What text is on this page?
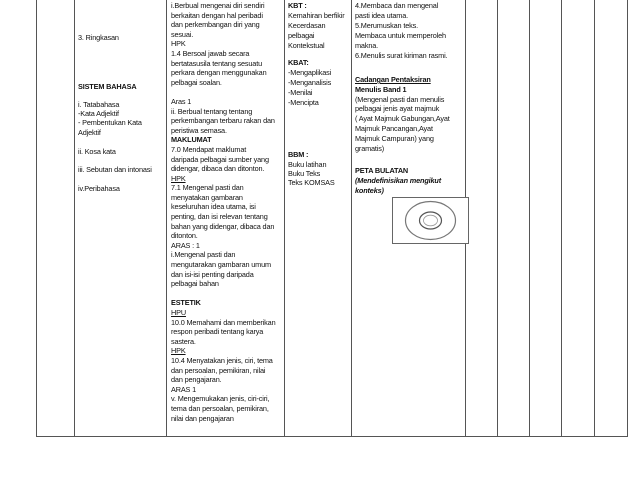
3. Ringkasan
SISTEM BAHASA
i. Tatabahasa
-Kata Adjektif
- Pembentukan Kata
Adjektif
ii. Kosa kata
iii. Sebutan dan intonasi
iv.Peribahasa
i.Berbual mengenai diri sendiri
berkaitan dengan hal peribadi
dan perkembangan diri yang
sesuai.
HPK
1.4 Bersoal jawab secara
bertatasusila tentang sesuatu
perkara dengan menggunakan
pelbagai soalan.
Aras 1
ii. Berbual tentang tentang
perkembangan terbaru rakan dan
peristiwa semasa.
MAKLUMAT
7.0 Mendapat maklumat
daripada pelbagai sumber yang
didengar, dibaca dan ditonton.
HPK
7.1 Mengenal pasti dan
menyatakan gambaran
keseluruhan idea utama, isi
penting, dan isi relevan tentang
bahan yang didengar, dibaca dan
ditonton.
ARAS : 1
i.Mengenal pasti dan
mengutarakan gambaran umum
dan isi-isi penting daripada
pelbagai bahan
ESTETIK
HPU
10.0 Memahami dan memberikan
respon peribadi tentang karya
sastera.
HPK
10.4 Menyatakan jenis, ciri, tema
dan persoalan, pemikiran, nilai
dan pengajaran.
ARAS 1
v. Mengemukakan jenis, ciri-ciri,
tema dan persoalan, pemikiran,
nilai dan pengajaran
KBT :
Kemahiran berfikir
Kecerdasan
pelbagai
Kontekstual
KBAT:
-Mengaplikasi
-Menganalisis
-Menilai
-Mencipta
BBM :
Buku latihan
Buku Teks
Teks KOMSAS
4.Membaca dan mengenal
pasti idea utama.
5.Merumuskan teks.
Membaca untuk memperoleh
makna.
6.Menulis surat kiriman rasmi.
Cadangan Pentaksiran
Menulis Band 1
(Mengenal pasti dan menulis
pelbagai jenis ayat majmuk
( Ayat Majmuk Gabungan,Ayat
Majmuk Pancangan,Ayat
Majmuk Campuran) yang
gramatis)
PETA BULATAN
(Mendefinisikan mengikut
konteks)
